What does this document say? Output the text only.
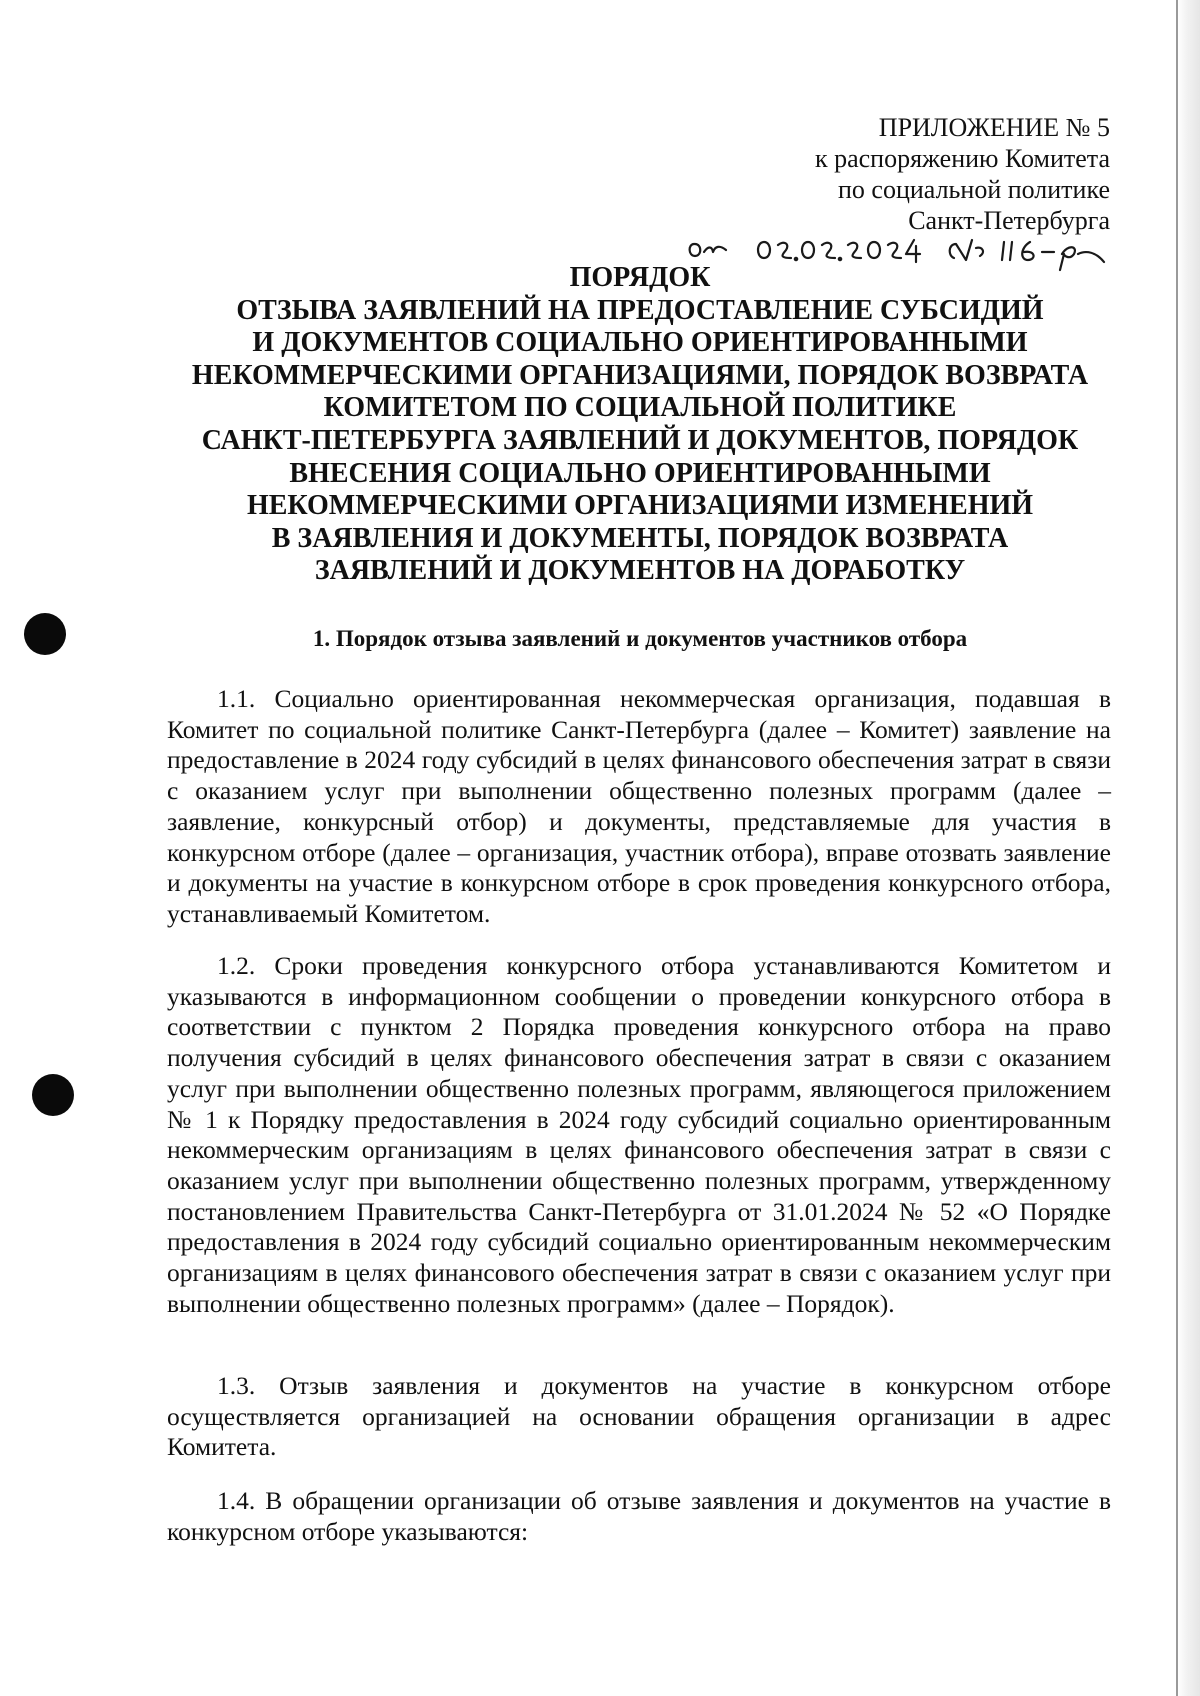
ПРИЛОЖЕНИЕ № 5
к распоряжению Комитета
по социальной политике
Санкт-Петербурга
ПОРЯДОК
ОТЗЫВА ЗАЯВЛЕНИЙ НА ПРЕДОСТАВЛЕНИЕ СУБСИДИЙ
И ДОКУМЕНТОВ СОЦИАЛЬНО ОРИЕНТИРОВАННЫМИ
НЕКОММЕРЧЕСКИМИ ОРГАНИЗАЦИЯМИ, ПОРЯДОК ВОЗВРАТА
КОМИТЕТОМ ПО СОЦИАЛЬНОЙ ПОЛИТИКЕ
САНКТ-ПЕТЕРБУРГА ЗАЯВЛЕНИЙ И ДОКУМЕНТОВ, ПОРЯДОК
ВНЕСЕНИЯ СОЦИАЛЬНО ОРИЕНТИРОВАННЫМИ
НЕКОММЕРЧЕСКИМИ ОРГАНИЗАЦИЯМИ ИЗМЕНЕНИЙ
В ЗАЯВЛЕНИЯ И ДОКУМЕНТЫ, ПОРЯДОК ВОЗВРАТА
ЗАЯВЛЕНИЙ И ДОКУМЕНТОВ НА ДОРАБОТКУ
1. Порядок отзыва заявлений и документов участников отбора

1.1. Социально ориентированная некоммерческая организация, подавшая в Комитет по социальной политике Санкт-Петербурга (далее – Комитет) заявление на предоставление в 2024 году субсидий в целях финансового обеспечения затрат в связи с оказанием услуг при выполнении общественно полезных программ (далее – заявление, конкурсный отбор) и документы, представляемые для участия в конкурсном отборе (далее – организация, участник отбора), вправе отозвать заявление и документы на участие в конкурсном отборе в срок проведения конкурсного отбора, устанавливаемый Комитетом.

1.2. Сроки проведения конкурсного отбора устанавливаются Комитетом и указываются в информационном сообщении о проведении конкурсного отбора в соответствии с пунктом 2 Порядка проведения конкурсного отбора на право получения субсидий в целях финансового обеспечения затрат в связи с оказанием услуг при выполнении общественно полезных программ, являющегося приложением № 1 к Порядку предоставления в 2024 году субсидий социально ориентированным некоммерческим организациям в целях финансового обеспечения затрат в связи с оказанием услуг при выполнении общественно полезных программ, утвержденному постановлением Правительства Санкт-Петербурга от 31.01.2024 № 52 «О Порядке предоставления в 2024 году субсидий социально ориентированным некоммерческим организациям в целях финансового обеспечения затрат в связи с оказанием услуг при выполнении общественно полезных программ» (далее – Порядок).

1.3. Отзыв заявления и документов на участие в конкурсном отборе осуществляется организацией на основании обращения организации в адрес Комитета.

1.4. В обращении организации об отзыве заявления и документов на участие в конкурсном отборе указываются:
